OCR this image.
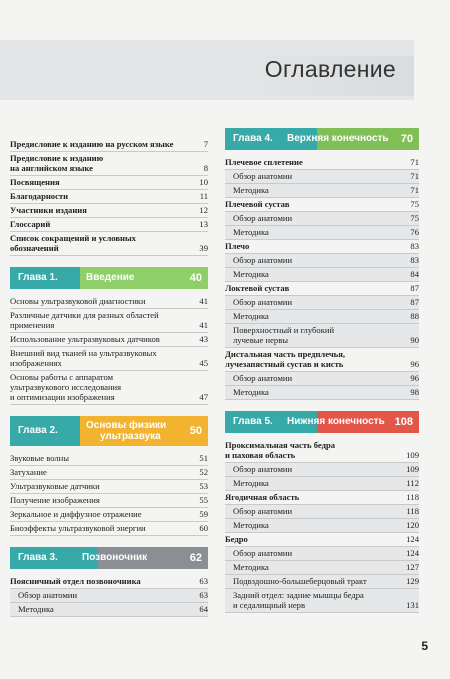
Оглавление
Предисловие к изданию на русском языке	7
Предисловие к изданию
на английском языке	8
Посвящения	10
Благодарности	11
Участники издания	12
Глоссарий	13
Список сокращений и условных
обозначений	39
Глава 1.	Введение	40
Основы ультразвуковой диагностики	41
Различные датчики для разных областей
применения	41
Использование ультразвуковых датчиков	43
Внешний вид тканей на ультразвуковых
изображениях	45
Основы работы с аппаратом
ультразвукового исследования
и оптимизации изображения	47
Глава 2.	Основы физики
ультразвука	50
Звуковые волны	51
Затухание	52
Ультразвуковые датчики	53
Получение изображения	55
Зеркальное и диффузное отражение	59
Биоэффекты ультразвуковой энергии	60
Глава 3.	Позвоночник	62
Поясничный отдел позвоночника	63
Обзор анатомии	63
Методика	64
Глава 4.	Верхняя конечность 70
Плечевое сплетение	71
Обзор анатомии	71
Методика	71
Плечевой сустав	75
Обзор анатомии	75
Методика	76
Плечо	83
Обзор анатомии	83
Методика	84
Локтевой сустав	87
Обзор анатомии	87
Методика	88
Поверхностный и глубокий
лучевые нервы	90
Дистальная часть предплечья,
лучезапястный сустав и кисть	96
Обзор анатомии	96
Методика	98
Глава 5.	Нижняя конечность 108
Проксимальная часть бедра
и паховая область	109
Обзор анатомии	109
Методика	112
Ягодичная область	118
Обзор анатомии	118
Методика	120
Бедро	124
Обзор анатомии	124
Методика	127
Подвздошно-большеберцовый тракт	129
Задний отдел: задние мышцы бедра
и седалищный нерв	131
5
